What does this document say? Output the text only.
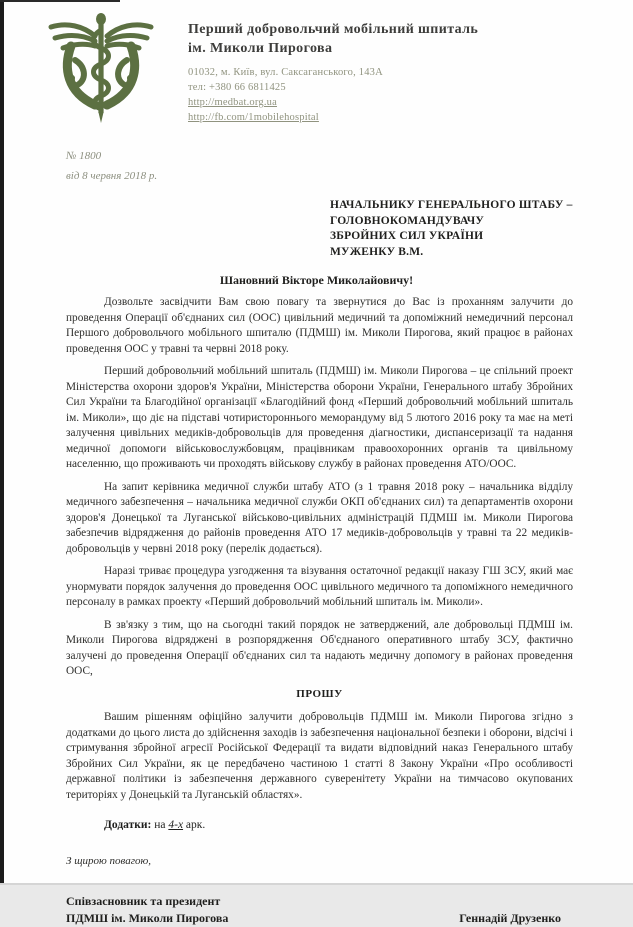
Перший добровольчий мобільний шпиталь
ім. Миколи Пирогова
01032, м. Київ, вул. Саксаганського, 143А
тел: +380 66 6811425
http://medbat.org.ua
http://fb.com/1mobilehospital
№ 1800
від 8 червня 2018 р.
НАЧАЛЬНИКУ ГЕНЕРАЛЬНОГО ШТАБУ –
ГОЛОВНОКОМАНДУВАЧУ
ЗБРОЙНИХ СИЛ УКРАЇНИ
МУЖЕНКУ В.М.
Шановний Вікторе Миколайовичу!

Дозвольте засвідчити Вам свою повагу та звернутися до Вас із проханням залучити до проведення Операції об'єднаних сил (ООС) цивільний медичний та допоміжний немедичний персонал Першого добровольчого мобільного шпиталю (ПДМШ) ім. Миколи Пирогова, який працює в районах проведення ООС у травні та червні 2018 року.

Перший добровольчий мобільний шпиталь (ПДМШ) ім. Миколи Пирогова – це спільний проект Міністерства охорони здоров'я України, Міністерства оборони України, Генерального штабу Збройних Сил України та Благодійної організації «Благодійний фонд «Перший добровольчий мобільний шпиталь ім. Миколи», що діє на підставі чотиристороннього меморандуму від 5 лютого 2016 року та має на меті залучення цивільних медиків-добровольців для проведення діагностики, диспансеризації та надання медичної допомоги військовослужбовцям, працівникам правоохоронних органів та цивільному населенню, що проживають чи проходять військову службу в районах проведення АТО/ООС.

На запит керівника медичної служби штабу АТО (з 1 травня 2018 року – начальника відділу медичного забезпечення – начальника медичної служби ОКП об'єднаних сил) та департаментів охорони здоров'я Донецької та Луганської військово-цивільних адміністрацій ПДМШ ім. Миколи Пирогова забезпечив відрядження до районів проведення АТО 17 медиків-добровольців у травні та 22 медиків-добровольців у червні 2018 року (перелік додається).

Наразі триває процедура узгодження та візування остаточної редакції наказу ГШ ЗСУ, який має унормувати порядок залучення до проведення ООС цивільного медичного та допоміжного немедичного персоналу в рамках проекту «Перший добровольчий мобільний шпиталь ім. Миколи».

В зв'язку з тим, що на сьогодні такий порядок не затверджений, але добровольці ПДМШ ім. Миколи Пирогова відряджені в розпорядження Об'єднаного оперативного штабу ЗСУ, фактично залучені до проведення Операції об'єднаних сил та надають медичну допомогу в районах проведення ООС,

ПРОШУ

Вашим рішенням офіційно залучити добровольців ПДМШ ім. Миколи Пирогова згідно з додатками до цього листа до здійснення заходів із забезпечення національної безпеки і оборони, відсічі і стримування збройної агресії Російської Федерації та видати відповідний наказ Генерального штабу Збройних Сил України, як це передбачено частиною 1 статті 8 Закону України «Про особливості державної політики із забезпечення державного суверенітету України на тимчасово окупованих територіях у Донецькій та Луганській областях».

Додатки: на 4-х арк.
З щирою повагою,
Співзасновник та президент
ПДМШ ім. Миколи Пирогова	Геннадій Друзенко
